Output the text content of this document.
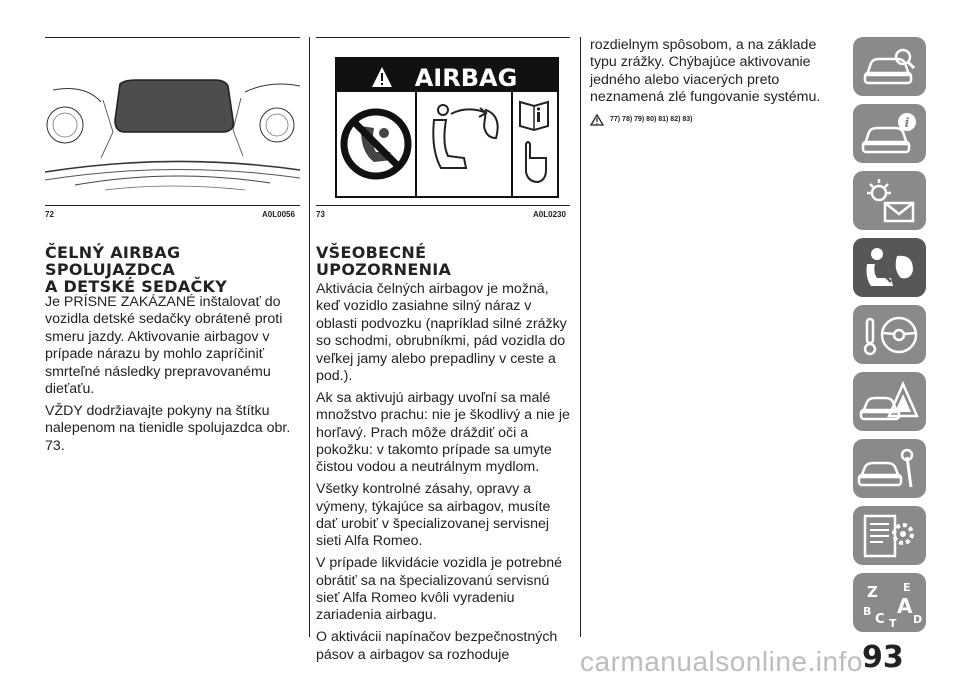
72	A0L0056
ČELNÝ AIRBAG
SPOLUJAZDCA
A DETSKÉ SEDAČKY

Je PRÍSNE ZAKÁZANÉ inštalovať do vozidla detské sedačky obrátené proti smeru jazdy. Aktivovanie airbagov v prípade nárazu by mohlo zapríčiniť smrteľné následky prepravovanému dieťaťu.

VŽDY dodržiavajte pokyny na štítku nalepenom na tienidle spolujazdca obr. 73.

AIRBAG
73	A0L0230
VŠEOBECNÉ
UPOZORNENIA

Aktivácia čelných airbagov je možná, keď vozidlo zasiahne silný náraz v oblasti podvozku (napríklad silné zrážky so schodmi, obrubníkmi, pád vozidla do veľkej jamy alebo prepadliny v ceste a pod.).

Ak sa aktivujú airbagy uvoľní sa malé množstvo prachu: nie je škodlivý a nie je horľavý. Prach môže dráždiť oči a pokožku: v takomto prípade sa umyte čistou vodou a neutrálnym mydlom.

Všetky kontrolné zásahy, opravy a výmeny, týkajúce sa airbagov, musíte dať urobiť v špecializovanej servisnej sieti Alfa Romeo.

V prípade likvidácie vozidla je potrebné obrátiť sa na špecializovanú servisnú sieť Alfa Romeo kvôli vyradeniu zariadenia airbagu.

O aktivácii napínačov bezpečnostných pásov a airbagov sa rozhoduje

rozdielnym spôsobom, a na základe typu zrážky. Chýbajúce aktivovanie jedného alebo viacerých preto neznamená zlé fungovanie systému.

77) 78) 79) 80) 81) 82) 83)	i
Z E
B A
C T D
93
carmanualsonline.info
